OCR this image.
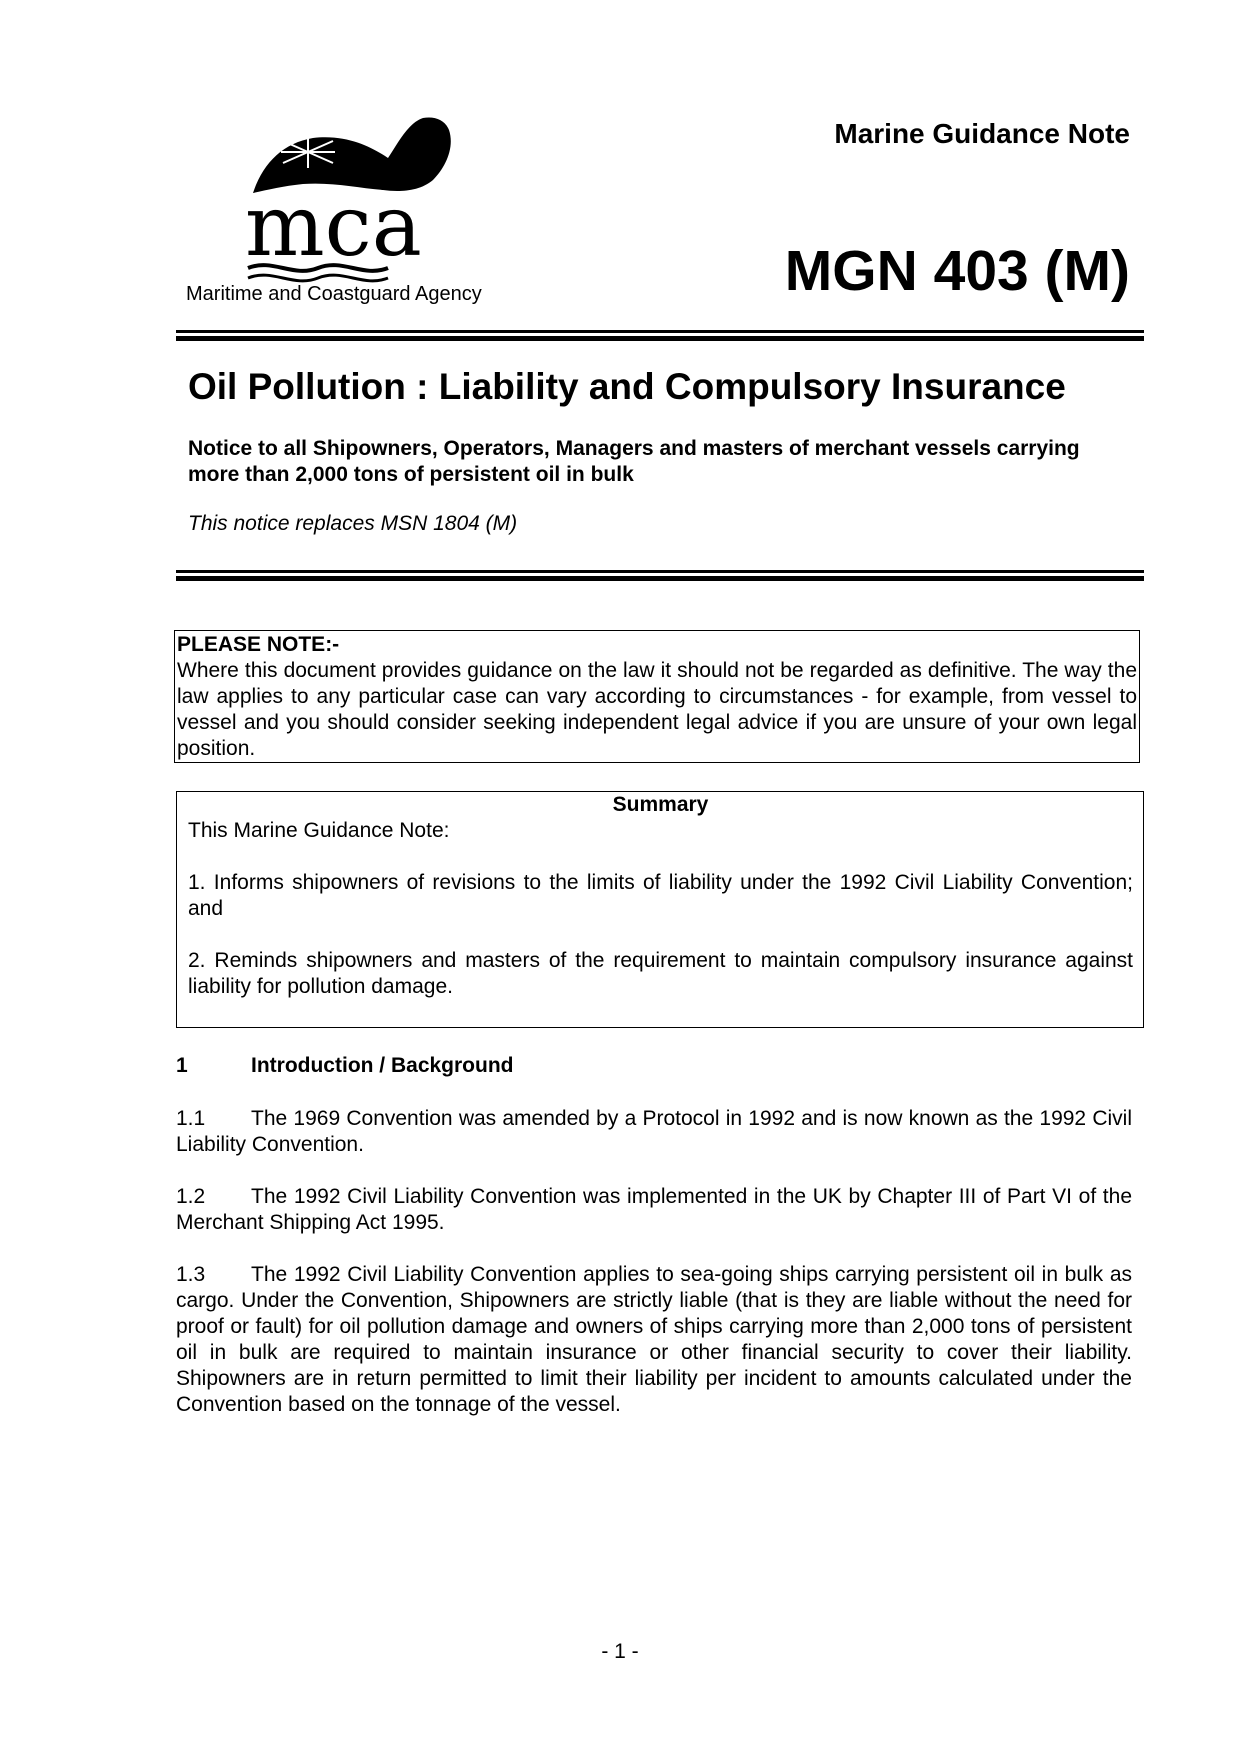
mca
Maritime and Coastguard Agency
Marine Guidance Note
MGN 403 (M)
Oil Pollution : Liability and Compulsory Insurance
Notice to all Shipowners, Operators, Managers and masters of merchant vessels carrying more than 2,000 tons of persistent oil in bulk
This notice replaces MSN 1804 (M)
PLEASE NOTE:-
Where this document provides guidance on the law it should not be regarded as definitive. The way the law applies to any particular case can vary according to circumstances - for example, from vessel to vessel and you should consider seeking independent legal advice if you are unsure of your own legal position.
Summary

This Marine Guidance Note:

1. Informs shipowners of revisions to the limits of liability under the 1992 Civil Liability Convention; and

2. Reminds shipowners and masters of the requirement to maintain compulsory insurance against liability for pollution damage.

1	Introduction / Background
1.1 The 1969 Convention was amended by a Protocol in 1992 and is now known as the 1992 Civil Liability Convention.
1.2 The 1992 Civil Liability Convention was implemented in the UK by Chapter III of Part VI of the Merchant Shipping Act 1995.
1.3 The 1992 Civil Liability Convention applies to sea-going ships carrying persistent oil in bulk as cargo. Under the Convention, Shipowners are strictly liable (that is they are liable without the need for proof or fault) for oil pollution damage and owners of ships carrying more than 2,000 tons of persistent oil in bulk are required to maintain insurance or other financial security to cover their liability. Shipowners are in return permitted to limit their liability per incident to amounts calculated under the Convention based on the tonnage of the vessel.
- 1 -
